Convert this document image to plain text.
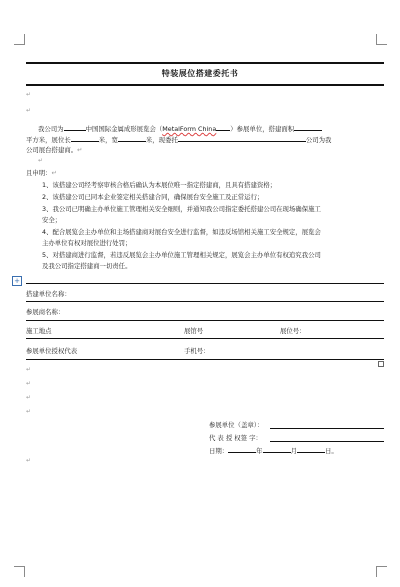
特装展位搭建委托书
↵
↵
我公司为	中国国际金属成形展览会（MetalForm China ）参展单位，搭建面积
平方米，展位长	米，宽	米，现委托	公司为我
公司展台搭建商。↵
↵
且申明：↵
1、该搭建公司经考察审核合格后确认为本展位唯一指定搭建商，且具有搭建资格；
2、该搭建公司已同本企业签定相关搭建合同，确保展台安全施工及正常运行；
3、我公司已明确主办单位施工管理相关安全细则，并通知我公司指定委托搭建公司在现场确保施工
安全；
4、配合展览会主办单位和主场搭建商对展台安全进行监督，如违反场馆相关施工安全规定，展览会
主办单位有权对展位进行处罚；
5、对搭建商进行监督，若违反展览会主办单位施工管理相关规定，展览会主办单位有权追究我公司
及我公司指定搭建商一切责任。
+
搭建单位名称：
参展商名称：
施工地点	展馆号	展位号：
参展单位授权代表	手机号：
↵
↵
↵
↵
参展单位（盖章）：
代 表 授 权签 字：
日期：	年	月	日。
↵
